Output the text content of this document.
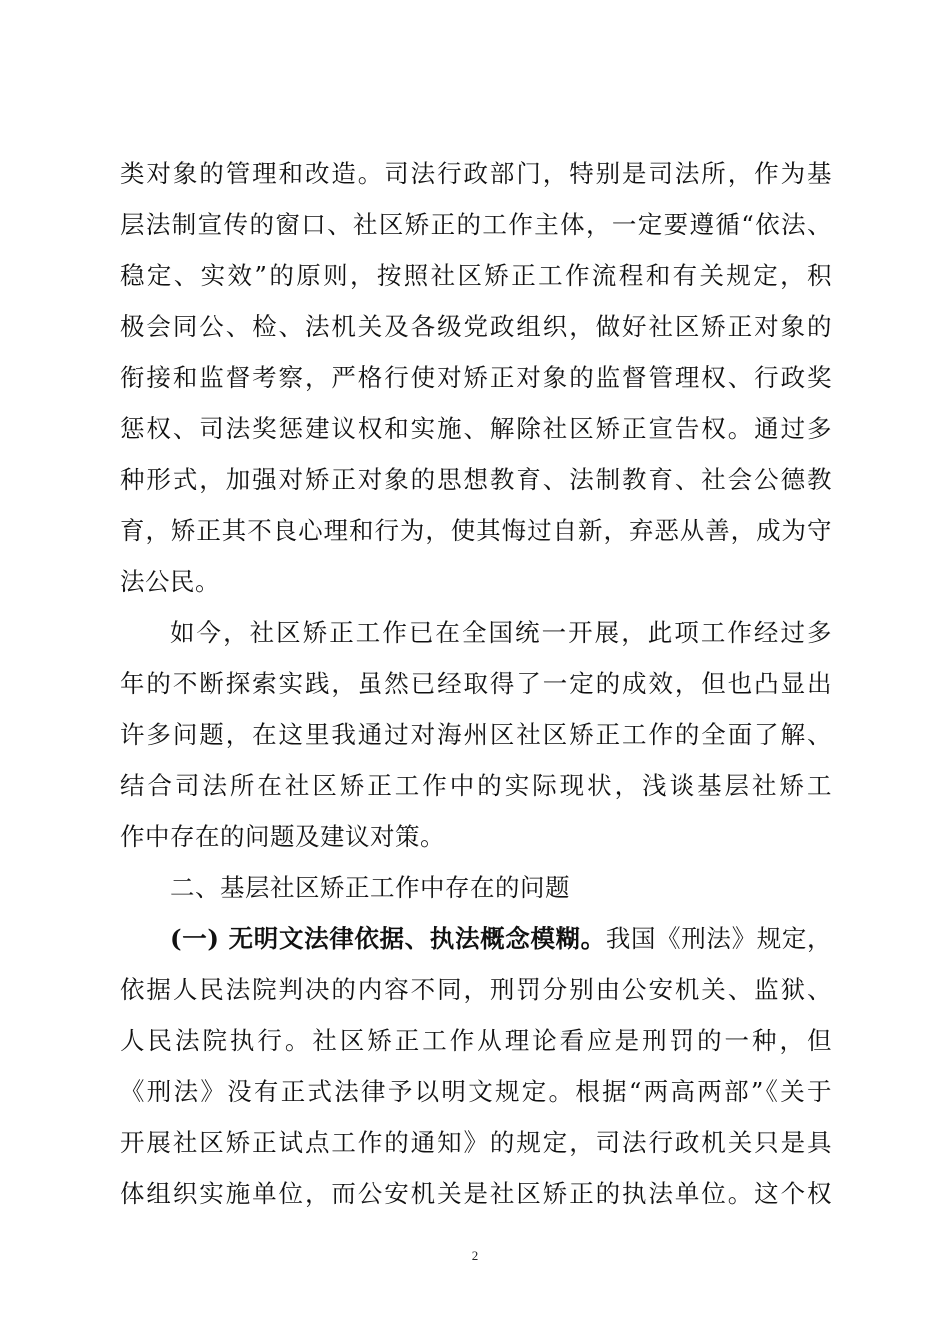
类对象的管理和改造。司法行政部门，特别是司法所，作为基
层法制宣传的窗口、社区矫正的工作主体，一定要遵循“依法、
稳定、实效”的原则，按照社区矫正工作流程和有关规定，积
极会同公、检、法机关及各级党政组织，做好社区矫正对象的
衔接和监督考察，严格行使对矫正对象的监督管理权、行政奖
惩权、司法奖惩建议权和实施、解除社区矫正宣告权。通过多
种形式，加强对矫正对象的思想教育、法制教育、社会公德教
育，矫正其不良心理和行为，使其悔过自新，弃恶从善，成为守
法公民。
如今，社区矫正工作已在全国统一开展，此项工作经过多
年的不断探索实践，虽然已经取得了一定的成效，但也凸显出
许多问题，在这里我通过对海州区社区矫正工作的全面了解、
结合司法所在社区矫正工作中的实际现状，浅谈基层社矫工
作中存在的问题及建议对策。
二、基层社区矫正工作中存在的问题
(一) 无明文法律依据、执法概念模糊。我国《刑法》规定，
依据人民法院判决的内容不同，刑罚分别由公安机关、监狱、
人民法院执行。社区矫正工作从理论看应是刑罚的一种，但
《刑法》没有正式法律予以明文规定。根据“两高两部”《关于
开展社区矫正试点工作的通知》的规定，司法行政机关只是具
体组织实施单位，而公安机关是社区矫正的执法单位。这个权
2
